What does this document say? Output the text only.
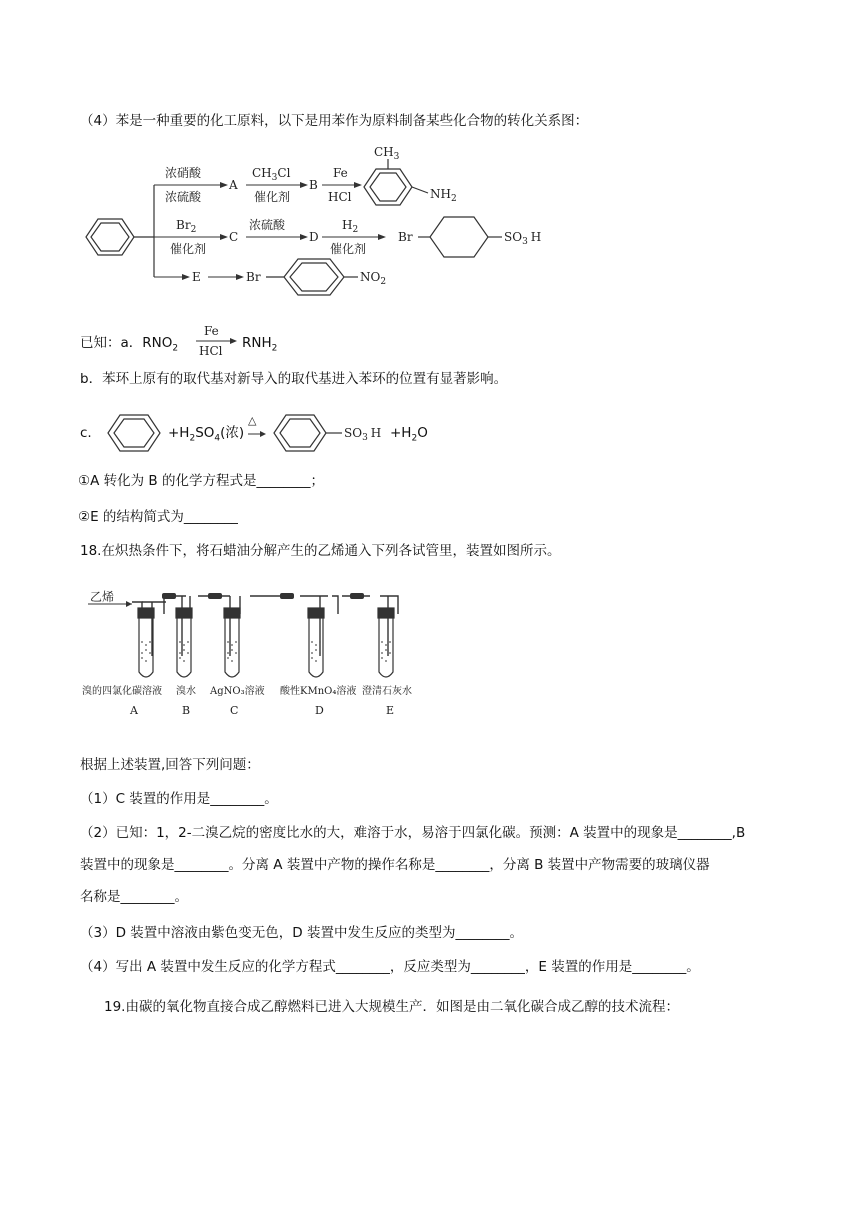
（4）苯是一种重要的化工原料，以下是用苯作为原料制备某些化合物的转化关系图：
浓硝酸
浓硫酸
A
$CH_3Cl$
催化剂
B
Fe
HCl
$CH_3$
$NH_2$
$Br_2$
催化剂
C
浓硫酸
D
$H_2$
催化剂
Br	$SO_3$ H
E	Br	$NO_2$
已知：a．$RNO_2$
Fe
HCl $RNH_2$
b．苯环上原有的取代基对新导入的取代基进入苯环的位置有显著影响。
c.	$+H_2SO_4$(浓)
△
$SO_3$ $H +H_2O$
①A 转化为 B 的化学方程式是________；
②E 的结构简式为________
18.在炽热条件下，将石蜡油分解产生的乙烯通入下列各试管里，装置如图所示。
乙烯
溴的四氯化碳溶液 溴水 AgNO₃溶液 酸性KMnO₄溶液 澄清石灰水
A	B	C	D	E
根据上述装置,回答下列问题：
（1）C 装置的作用是________。
（2）已知：1，2-二溴乙烷的密度比水的大，难溶于水，易溶于四氯化碳。预测：A 装置中的现象是________,B
装置中的现象是________。分离 A 装置中产物的操作名称是________，分离 B 装置中产物需要的玻璃仪器
名称是________。
（3）D 装置中溶液由紫色变无色，D 装置中发生反应的类型为________。
（4）写出 A 装置中发生反应的化学方程式________，反应类型为________，E 装置的作用是________。
19.由碳的氧化物直接合成乙醇燃料已进入大规模生产．如图是由二氧化碳合成乙醇的技术流程：
